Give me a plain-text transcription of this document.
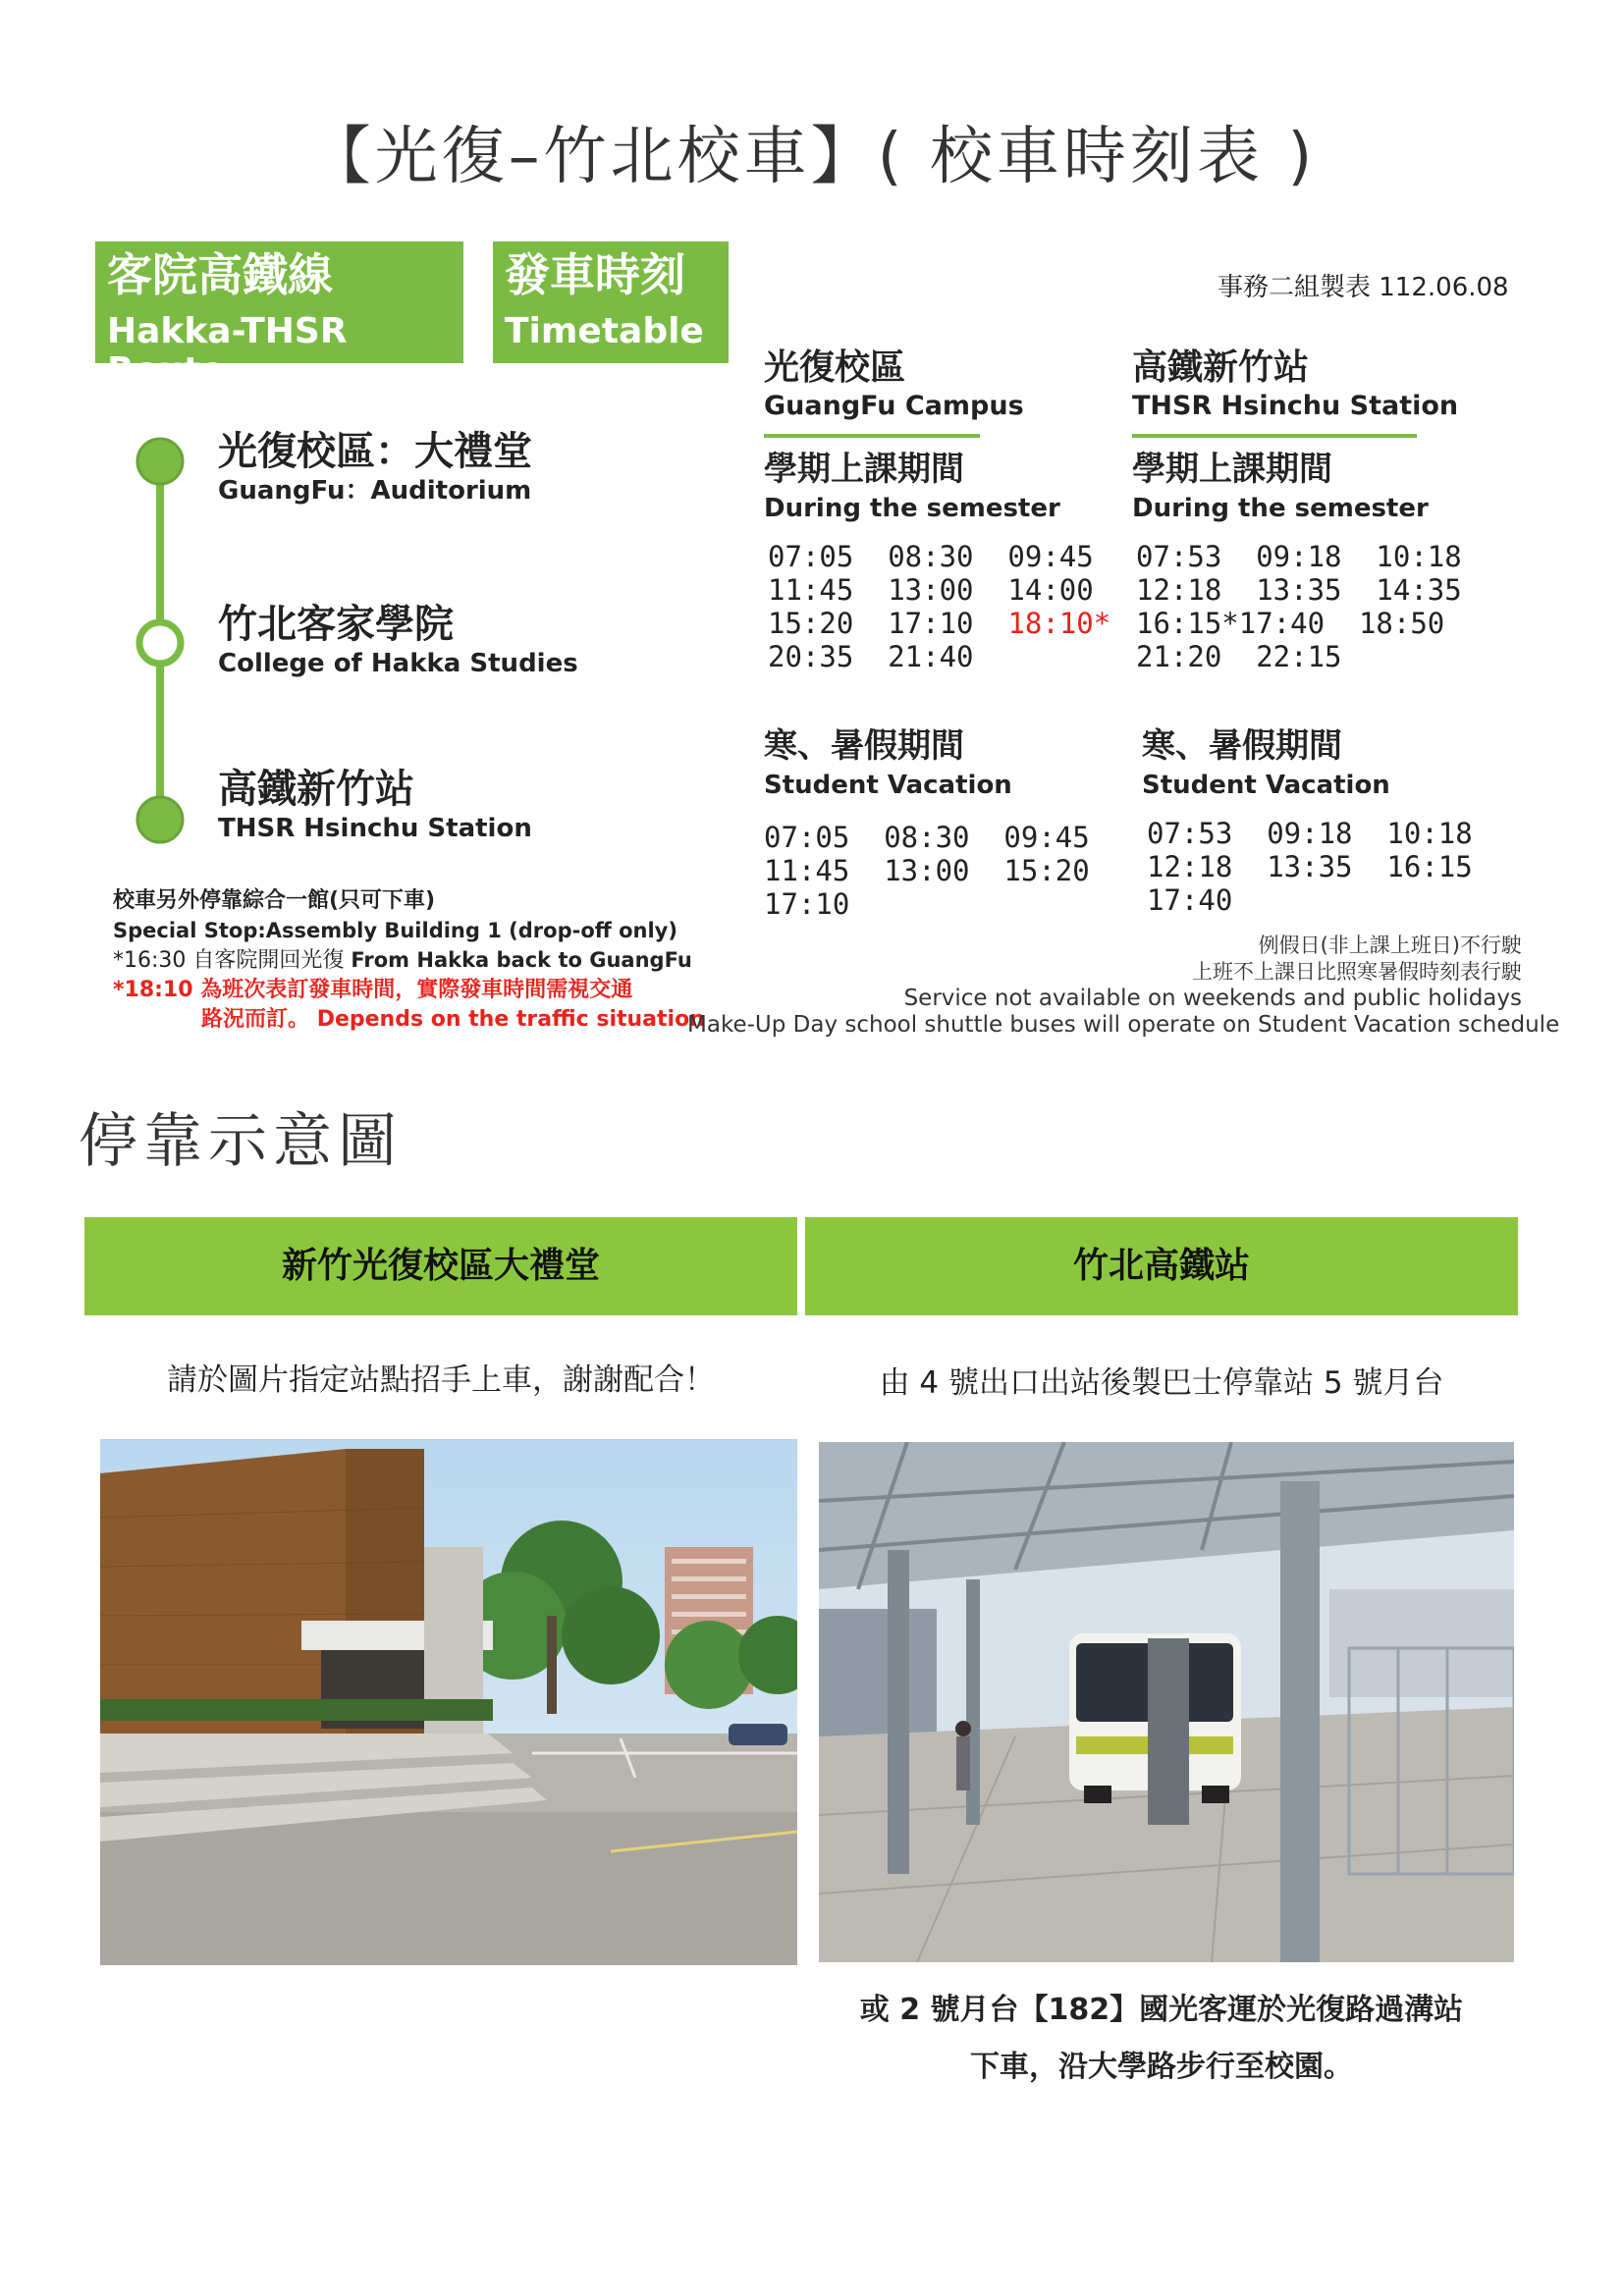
【光復–竹北校車】( 校車時刻表 )
客院高鐵線
Hakka-THSR Route
發車時刻
Timetable
事務二組製表 112.06.08
光復校區：大禮堂
GuangFu：Auditorium
竹北客家學院
College of Hakka Studies
高鐵新竹站
THSR Hsinchu Station
校車另外停靠綜合一館(只可下車)
Special Stop:Assembly Building 1 (drop-off only)
*16:30 自客院開回光復 From Hakka back to GuangFu
*18:10 為班次表訂發車時間，實際發車時間需視交通
路況而訂。 Depends on the traffic situation
光復校區
GuangFu Campus
學期上課期間
During the semester
07:05  08:30  09:45
11:45  13:00  14:00
15:20  17:10  18:10*
20:35  21:40
寒、暑假期間
Student Vacation
07:05  08:30  09:45
11:45  13:00  15:20
17:10
高鐵新竹站
THSR Hsinchu Station
學期上課期間
During the semester
07:53  09:18  10:18
12:18  13:35  14:35
16:15*17:40  18:50
21:20  22:15
寒、暑假期間
Student Vacation
07:53  09:18  10:18
12:18  13:35  16:15
17:40
例假日(非上課上班日)不行駛
上班不上課日比照寒暑假時刻表行駛
Service not available on weekends and public holidays
Make-Up Day school shuttle buses will operate on Student Vacation schedule
停靠示意圖
新竹光復校區大禮堂	竹北高鐵站
請於圖片指定站點招手上車，謝謝配合！	由 4 號出口出站後製巴士停靠站 5 號月台
或 2 號月台【182】國光客運於光復路過溝站
下車，沿大學路步行至校園。
